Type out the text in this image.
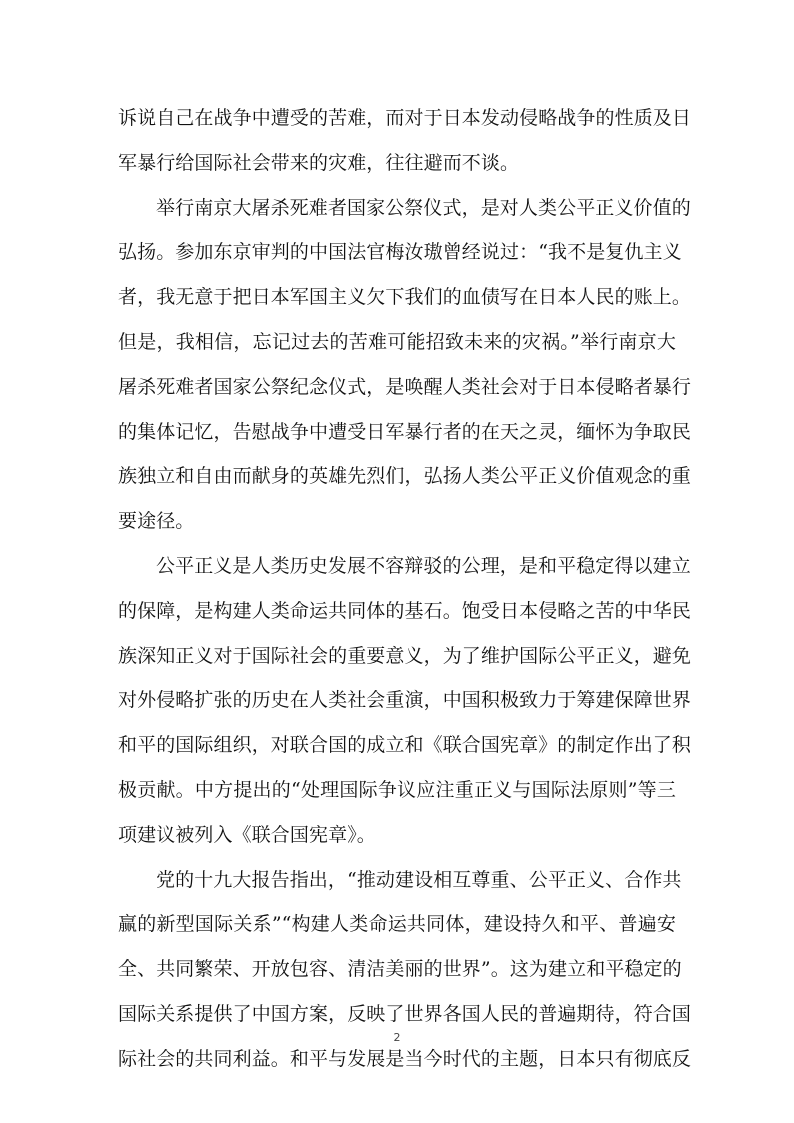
诉说自己在战争中遭受的苦难，而对于日本发动侵略战争的性质及日
军暴行给国际社会带来的灾难，往往避而不谈。
举行南京大屠杀死难者国家公祭仪式，是对人类公平正义价值的
弘扬。参加东京审判的中国法官梅汝璈曾经说过：“我不是复仇主义
者，我无意于把日本军国主义欠下我们的血债写在日本人民的账上。
但是，我相信，忘记过去的苦难可能招致未来的灾祸。”举行南京大
屠杀死难者国家公祭纪念仪式，是唤醒人类社会对于日本侵略者暴行
的集体记忆，告慰战争中遭受日军暴行者的在天之灵，缅怀为争取民
族独立和自由而献身的英雄先烈们，弘扬人类公平正义价值观念的重
要途径。
公平正义是人类历史发展不容辩驳的公理，是和平稳定得以建立
的保障，是构建人类命运共同体的基石。饱受日本侵略之苦的中华民
族深知正义对于国际社会的重要意义，为了维护国际公平正义，避免
对外侵略扩张的历史在人类社会重演，中国积极致力于筹建保障世界
和平的国际组织，对联合国的成立和《联合国宪章》的制定作出了积
极贡献。中方提出的“处理国际争议应注重正义与国际法原则”等三
项建议被列入《联合国宪章》。
党的十九大报告指出，“推动建设相互尊重、公平正义、合作共
赢的新型国际关系”“构建人类命运共同体，建设持久和平、普遍安
全、共同繁荣、开放包容、清洁美丽的世界”。这为建立和平稳定的
国际关系提供了中国方案，反映了世界各国人民的普遍期待，符合国
际社会的共同利益。和平与发展是当今时代的主题，日本只有彻底反
2
